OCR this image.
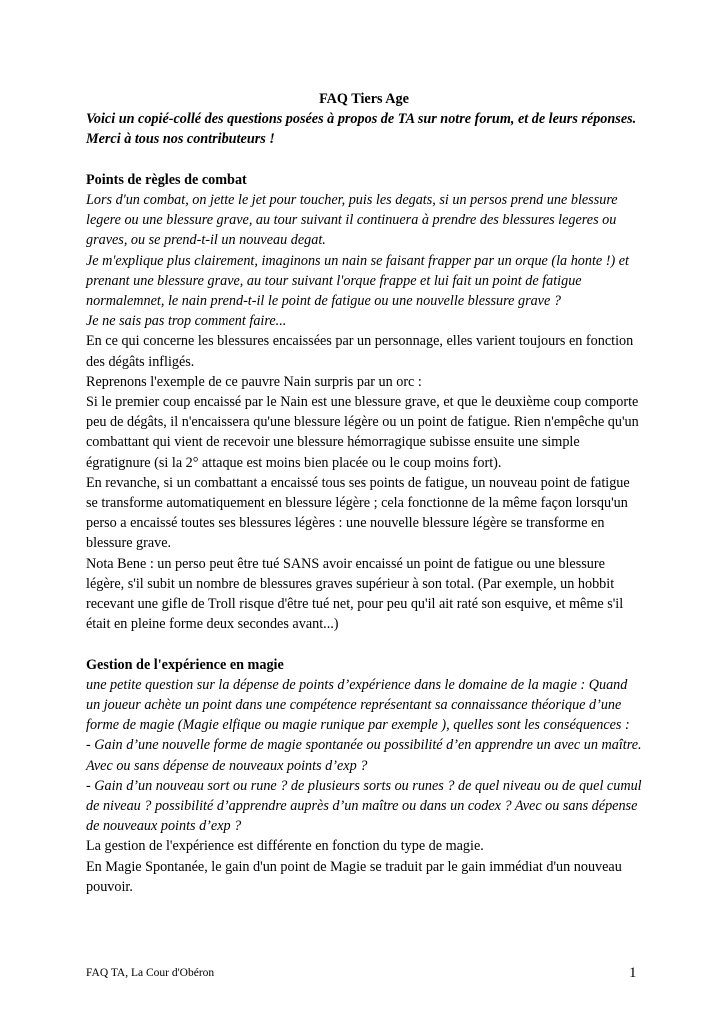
FAQ Tiers Age

Voici un copié-collé des questions posées à propos de TA sur notre forum, et de leurs réponses.

Merci à tous nos contributeurs !

Points de règles de combat

Lors d'un combat, on jette le jet pour toucher, puis les degats, si un persos prend une blessure legere ou une blessure grave, au tour suivant il continuera à prendre des blessures legeres ou graves, ou se prend-t-il un nouveau degat.

Je m'explique plus clairement, imaginons un nain se faisant frapper par un orque (la honte !) et prenant une blessure grave, au tour suivant l'orque frappe et lui fait un point de fatigue normalemnet, le nain prend-t-il le point de fatigue ou une nouvelle blessure grave ?

Je ne sais pas trop comment faire...

En ce qui concerne les blessures encaissées par un personnage, elles varient toujours en fonction des dégâts infligés.

Reprenons l'exemple de ce pauvre Nain surpris par un orc :

Si le premier coup encaissé par le Nain est une blessure grave, et que le deuxième coup comporte peu de dégâts, il n'encaissera qu'une blessure légère ou un point de fatigue. Rien n'empêche qu'un combattant qui vient de recevoir une blessure hémorragique subisse ensuite une simple égratignure (si la 2° attaque est moins bien placée ou le coup moins fort).

En revanche, si un combattant a encaissé tous ses points de fatigue, un nouveau point de fatigue se transforme automatiquement en blessure légère ; cela fonctionne de la même façon lorsqu'un perso a encaissé toutes ses blessures légères : une nouvelle blessure légère se transforme en blessure grave.

Nota Bene : un perso peut être tué SANS avoir encaissé un point de fatigue ou une blessure légère, s'il subit un nombre de blessures graves supérieur à son total. (Par exemple, un hobbit recevant une gifle de Troll risque d'être tué net, pour peu qu'il ait raté son esquive, et même s'il était en pleine forme deux secondes avant...)

Gestion de l'expérience en magie

une petite question sur la dépense de points d’expérience dans le domaine de la magie : Quand un joueur achète un point dans une compétence représentant sa connaissance théorique d’une forme de magie (Magie elfique ou magie runique par exemple ), quelles sont les conséquences :

- Gain d’une nouvelle forme de magie spontanée ou possibilité d’en apprendre un avec un maître. Avec ou sans dépense de nouveaux points d’exp ?

- Gain d’un nouveau sort ou rune ? de plusieurs sorts ou runes ? de quel niveau ou de quel cumul de niveau ? possibilité d’apprendre auprès d’un maître ou dans un codex ? Avec ou sans dépense de nouveaux points d’exp ?

La gestion de l'expérience est différente en fonction du type de magie.

En Magie Spontanée, le gain d'un point de Magie se traduit par le gain immédiat d'un nouveau pouvoir.

FAQ TA, La Cour d'Obéron	1
